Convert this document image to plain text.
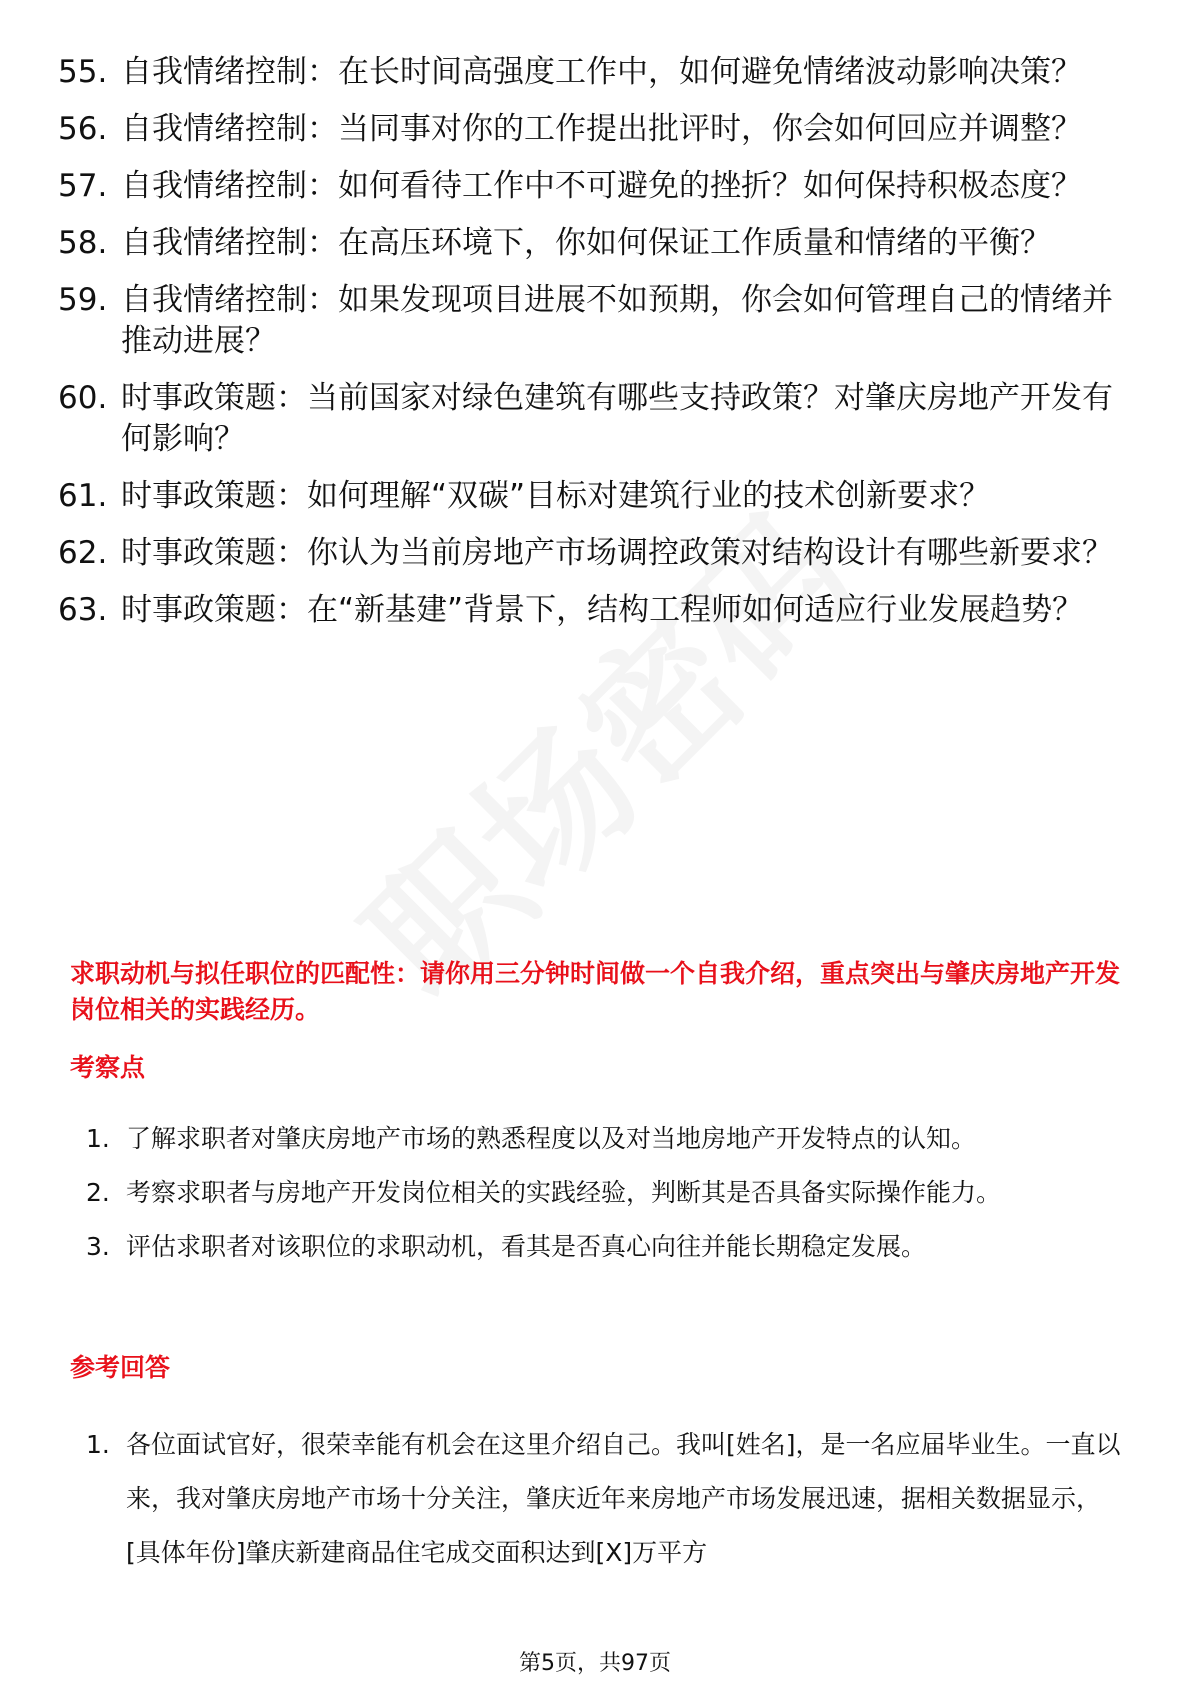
55. 自我情绪控制：在长时间高强度工作中，如何避免情绪波动影响决策？
56. 自我情绪控制：当同事对你的工作提出批评时，你会如何回应并调整？
57. 自我情绪控制：如何看待工作中不可避免的挫折？如何保持积极态度？
58. 自我情绪控制：在高压环境下，你如何保证工作质量和情绪的平衡？
59. 自我情绪控制：如果发现项目进展不如预期，你会如何管理自己的情绪并推动进展？
60. 时事政策题：当前国家对绿色建筑有哪些支持政策？对肇庆房地产开发有何影响？
61. 时事政策题：如何理解“双碳”目标对建筑行业的技术创新要求？
62. 时事政策题：你认为当前房地产市场调控政策对结构设计有哪些新要求？
63. 时事政策题：在“新基建”背景下，结构工程师如何适应行业发展趋势？
求职动机与拟任职位的匹配性：请你用三分钟时间做一个自我介绍，重点突出与肇庆房地产开发岗位相关的实践经历。
考察点
1. 了解求职者对肇庆房地产市场的熟悉程度以及对当地房地产开发特点的认知。
2. 考察求职者与房地产开发岗位相关的实践经验，判断其是否具备实际操作能力。
3. 评估求职者对该职位的求职动机，看其是否真心向往并能长期稳定发展。
参考回答
1. 各位面试官好，很荣幸能有机会在这里介绍自己。我叫[姓名]，是一名应届毕业生。一直以来，我对肇庆房地产市场十分关注，肇庆近年来房地产市场发展迅速，据相关数据显示，[具体年份]肇庆新建商品住宅成交面积达到[X]万平方
第5页，共97页
